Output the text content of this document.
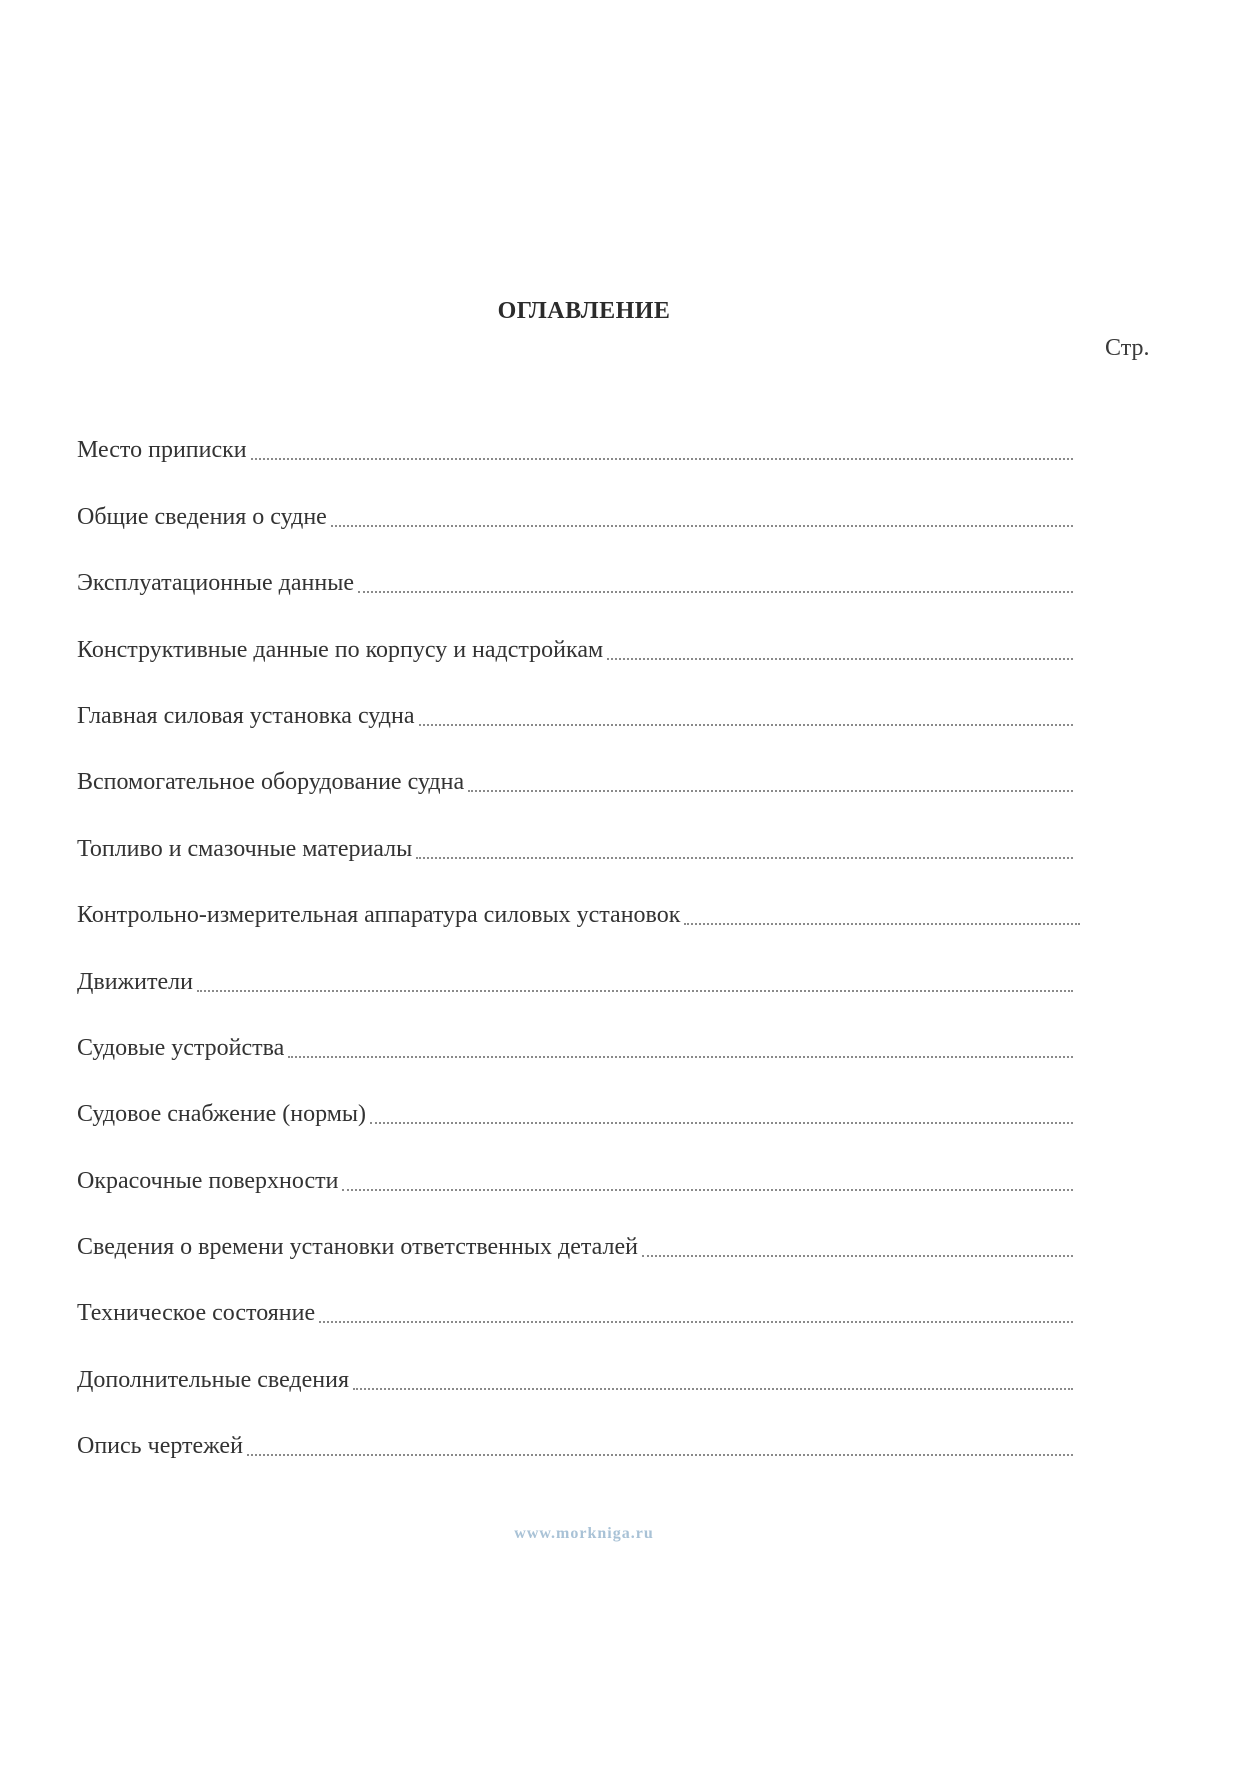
ОГЛАВЛЕНИЕ
Стр.
Место приписки
Общие сведения о судне
Эксплуатационные данные
Конструктивные данные по корпусу и надстройкам
Главная силовая установка судна
Вспомогательное оборудование судна
Топливо и смазочные материалы
Контрольно-измерительная аппаратура силовых установок
Движители
Судовые устройства
Судовое снабжение (нормы)
Окрасочные поверхности
Сведения о времени установки ответственных деталей
Техническое состояние
Дополнительные сведения
Опись чертежей
www.morkniga.ru
